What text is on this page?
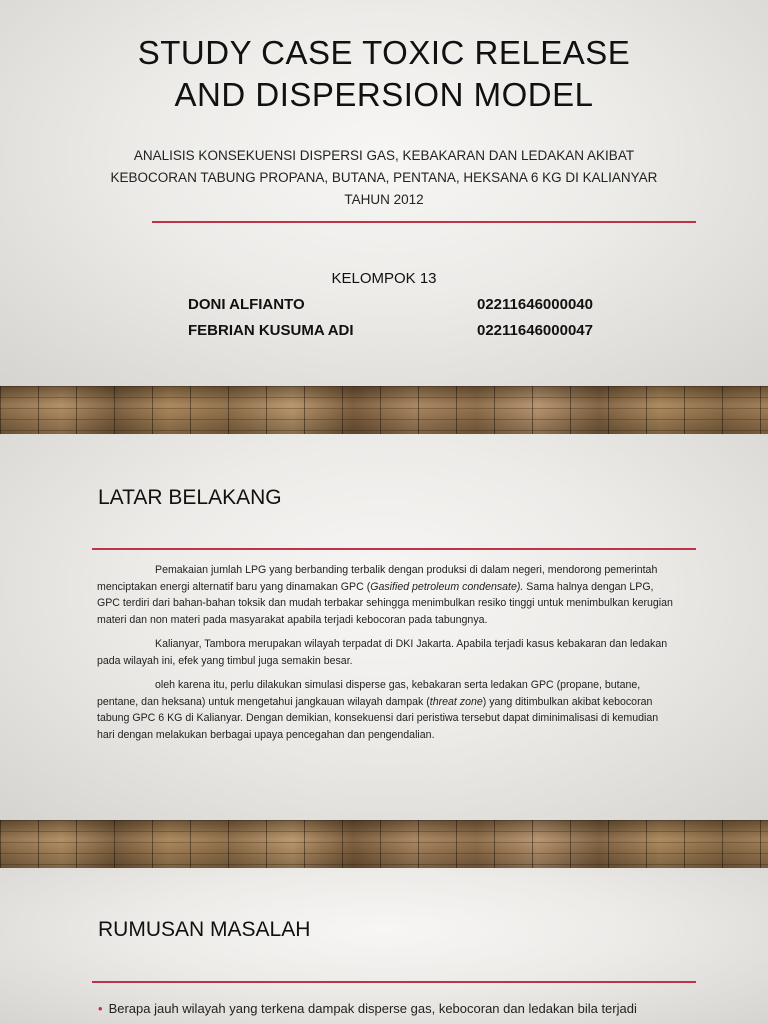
STUDY CASE TOXIC RELEASE
AND DISPERSION MODEL
ANALISIS KONSEKUENSI DISPERSI GAS, KEBAKARAN DAN LEDAKAN AKIBAT
KEBOCORAN TABUNG PROPANA, BUTANA, PENTANA, HEKSANA 6 KG DI KALIANYAR
TAHUN 2012
KELOMPOK 13
DONI ALFIANTO	02211646000040
FEBRIAN KUSUMA ADI	02211646000047
LATAR BELAKANG

Pemakaian jumlah LPG yang berbanding terbalik dengan produksi di dalam negeri, mendorong pemerintah menciptakan energi alternatif baru yang dinamakan GPC (Gasified petroleum condensate). Sama halnya dengan LPG, GPC terdiri dari bahan-bahan toksik dan mudah terbakar sehingga menimbulkan resiko tinggi untuk menimbulkan kerugian materi dan non materi pada masyarakat apabila terjadi kebocoran pada tabungnya.

Kalianyar, Tambora merupakan wilayah terpadat di DKI Jakarta. Apabila terjadi kasus kebakaran dan ledakan pada wilayah ini, efek yang timbul juga semakin besar.

oleh karena itu, perlu dilakukan simulasi disperse gas, kebakaran serta ledakan GPC (propane, butane, pentane, dan heksana) untuk mengetahui jangkauan wilayah dampak (threat zone) yang ditimbulkan akibat kebocoran tabung GPC 6 KG di Kalianyar. Dengan demikian, konsekuensi dari peristiwa tersebut dapat diminimalisasi di kemudian hari dengan melakukan berbagai upaya pencegahan dan pengendalian.

RUMUSAN MASALAH
• Berapa jauh wilayah yang terkena dampak disperse gas, kebocoran dan ledakan bila terjadi
